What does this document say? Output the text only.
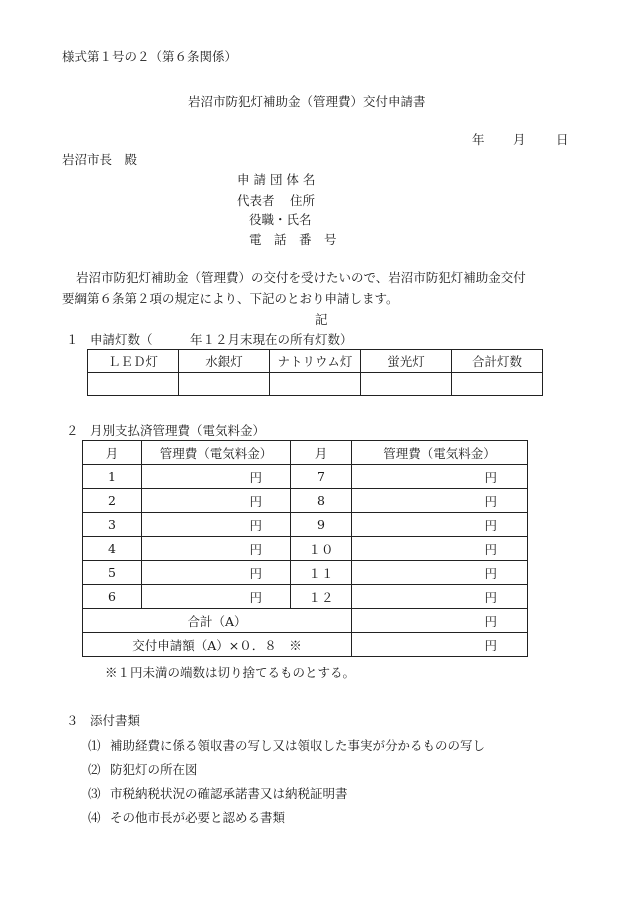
様式第１号の２（第６条関係）
岩沼市防犯灯補助金（管理費）交付申請書
年 月 日
岩沼市長　殿
申 請 団 体 名
代表者 住所
役職・氏名
電　話　番　号
岩沼市防犯灯補助金（管理費）の交付を受けたいので、岩沼市防犯灯補助金交付
要綱第６条第２項の規定により、下記のとおり申請します。
記
１ 申請灯数（　　　年１２月末現在の所有灯数）
ＬＥＤ灯	水銀灯	ナトリウム灯	蛍光灯	合計灯数

２ 月別支払済管理費（電気料金）
月	管理費（電気料金）	月	管理費（電気料金）
1	円	7	円
2	円	8	円
3	円	9	円
4	円	１０	円
5	円	１１	円
6	円	１２	円
合計（A）			円
交付申請額（A）×０．８　※			円
※１円未満の端数は切り捨てるものとする。
３ 添付書類
⑴ 補助経費に係る領収書の写し又は領収した事実が分かるものの写し
⑵ 防犯灯の所在図
⑶ 市税納税状況の確認承諾書又は納税証明書
⑷ その他市長が必要と認める書類
